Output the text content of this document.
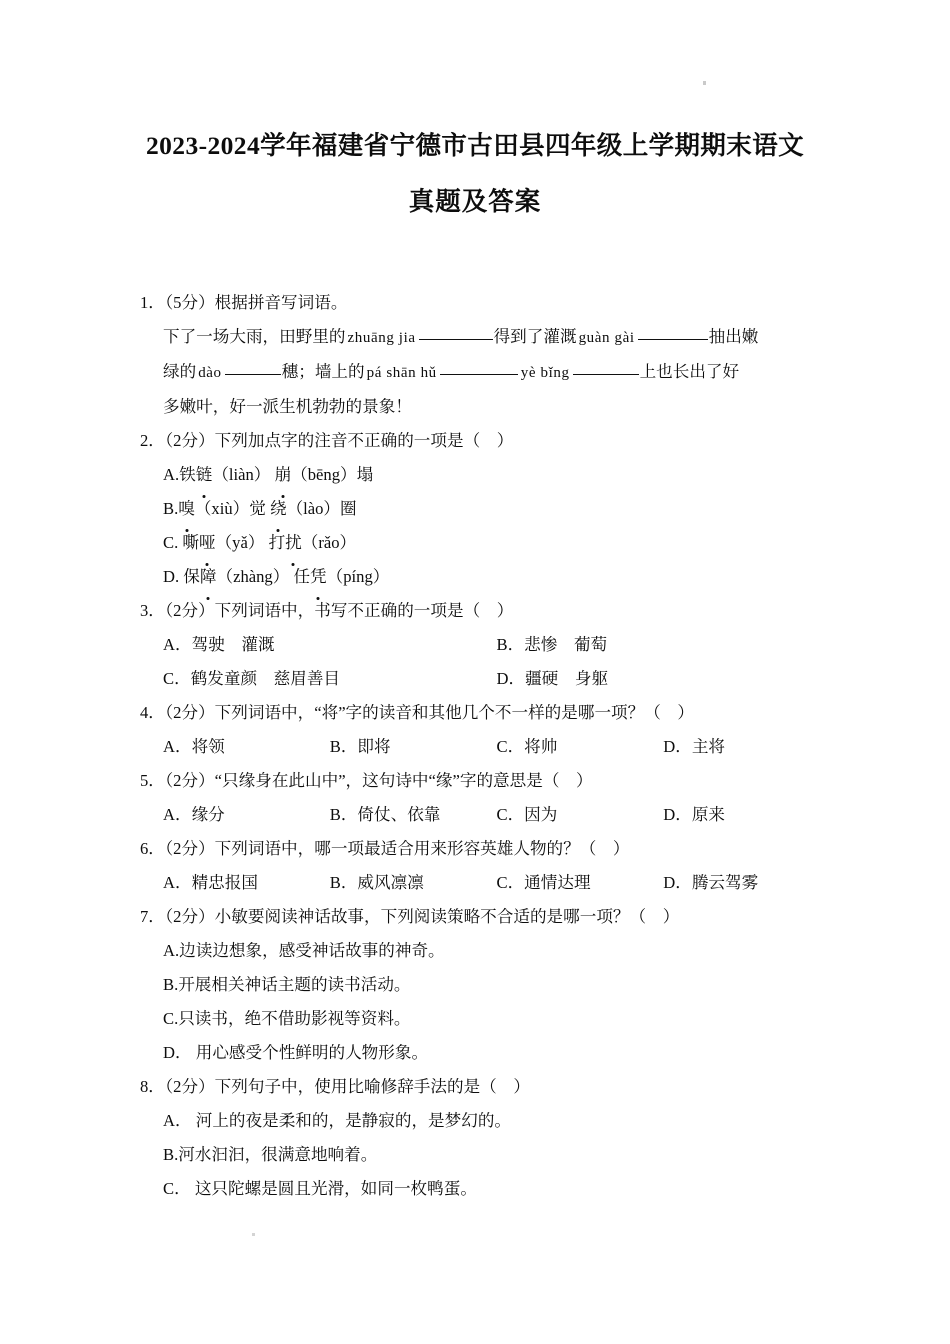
2023-2024学年福建省宁德市古田县四年级上学期期末语文
真题及答案
1．（5分）根据拼音写词语。
下了一场大雨，田野里的 zhuāng jia	得到了灌溉 guàn gài	抽出嫩
绿的 dào	穗；墙上的 pá shān hǔ	yè bǐng	上也长出了好
多嫩叶，好一派生机勃勃的景象！
2．（2分）下列加点字的注音不正确的一项是 （    ）
A.铁链（liàn） 崩（bēng）塌
B.嗅（xiù）觉 绕（lào）圈
C. 嘶哑（yǎ） 打扰（rǎo）
D. 保障（zhàng） 任凭（píng）
3．（2分）下列词语中，书写不正确的一项是 （    ）
A．驾驶　灌溉	B．悲惨　葡萄
C．鹤发童颜　慈眉善目	D．疆硬　身躯
4．（2分）下列词语中，“将”字的读音和其他几个不一样的是哪一项？ （    ）
A．将领	B．即将	C．将帅	D．主将
5．（2分）“只缘身在此山中”，这句诗中“缘”字的意思是 （    ）
A．缘分	B．倚仗、依靠	C．因为	D．原来
6．（2分）下列词语中，哪一项最适合用来形容英雄人物的？ （    ）
A．精忠报国	B．威风凛凛	C．通情达理	D．腾云驾雾
7．（2分）小敏要阅读神话故事，下列阅读策略不合适的是哪一项？ （    ）
A.边读边想象，感受神话故事的神奇。
B.开展相关神话主题的读书活动。
C.只读书，绝不借助影视等资料。
D． 用心感受个性鲜明的人物形象。
8．（2分）下列句子中，使用比喻修辞手法的是 （    ）
A． 河上的夜是柔和的，是静寂的，是梦幻的。
B.河水汩汩，很满意地响着。
C． 这只陀螺是圆且光滑，如同一枚鸭蛋。
